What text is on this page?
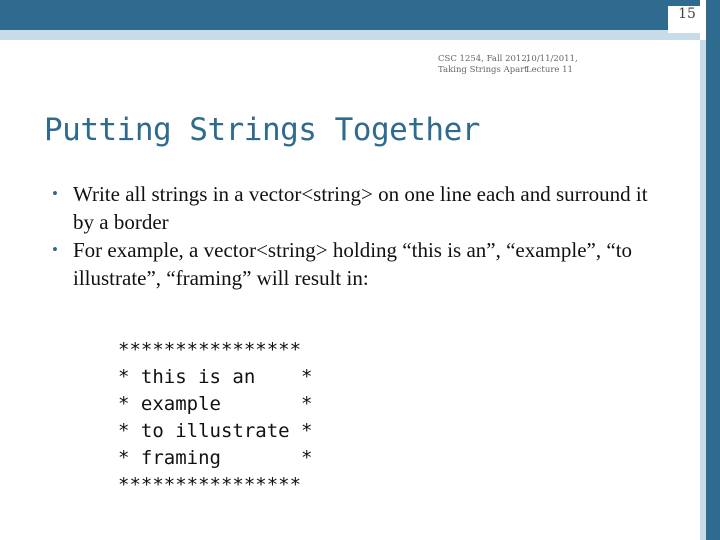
15
CSC 1254, Fall 2012,
Taking Strings Apart
10/11/2011,
Lecture 11
Putting Strings Together
• Write all strings in a vector<string> on one line each and surround it by a border
• For example, a vector<string> holding “this is an”, “example”, “to illustrate”, “framing” will result in:
****************
* this is an    *
* example       *
* to illustrate *
* framing       *
****************
